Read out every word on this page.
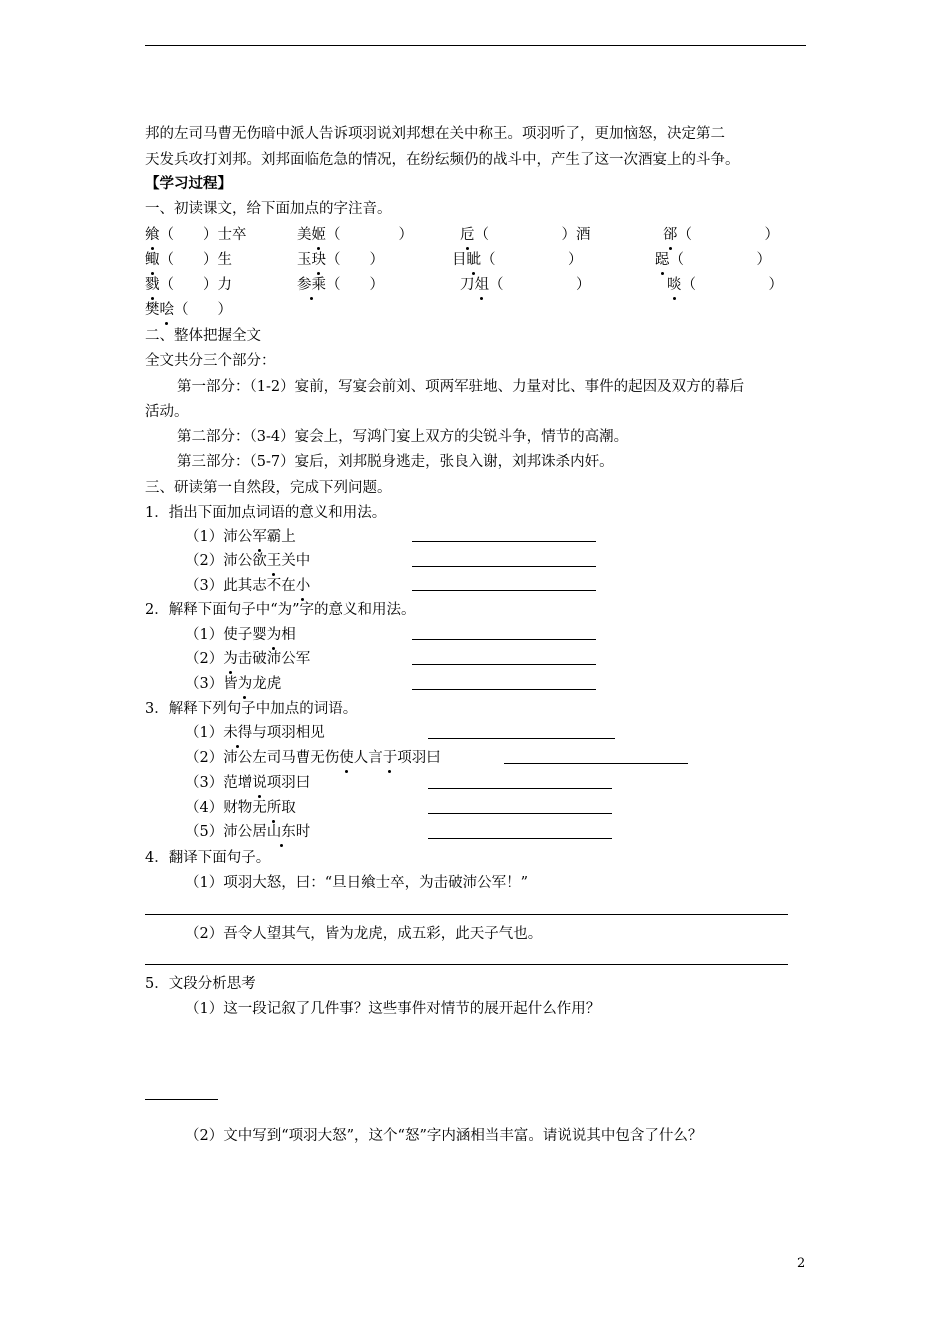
邦的左司马曹无伤暗中派人告诉项羽说刘邦想在关中称王。项羽听了，更加恼怒，决定第二
天发兵攻打刘邦。刘邦面临危急的情况，在纷纭频仍的战斗中，产生了这一次酒宴上的斗争。
【学习过程】
一、初读课文，给下面加点的字注音。
飨（　　）士卒	美姬（　　　　）	卮（　　　　　）酒	郤（　　　　　）
鲰（　　）生	玉玦（　　）	目眦（　　　　　）	跽（　　　　　）
戮（　　）力	参乘（　　）	刀俎（　　　　　）	啖（　　　　　）
樊哙（　　）
二、整体把握全文
全文共分三个部分：
第一部分：（1-2）宴前，写宴会前刘、项两军驻地、力量对比、事件的起因及双方的幕后
活动。
第二部分：（3-4）宴会上，写鸿门宴上双方的尖锐斗争，情节的高潮。
第三部分：（5-7）宴后，刘邦脱身逃走，张良入谢，刘邦诛杀内奸。
三、研读第一自然段，完成下列问题。
1．指出下面加点词语的意义和用法。
（1）沛公军霸上
（2）沛公欲王关中
（3）此其志不在小
2．解释下面句子中“为”字的意义和用法。
（1）使子婴为相
（2）为击破沛公军
（3）皆为龙虎
3．解释下列句子中加点的词语。
（1）未得与项羽相见
（2）沛公左司马曹无伤使人言于项羽曰
（3）范增说项羽曰
（4）财物无所取
（5）沛公居山东时
4．翻译下面句子。
（1）项羽大怒，曰：“旦日飨士卒，为击破沛公军！”
（2）吾令人望其气，皆为龙虎，成五彩，此天子气也。
5．文段分析思考
（1）这一段记叙了几件事？这些事件对情节的展开起什么作用？
（2）文中写到“项羽大怒”，这个“怒”字内涵相当丰富。请说说其中包含了什么？
2
